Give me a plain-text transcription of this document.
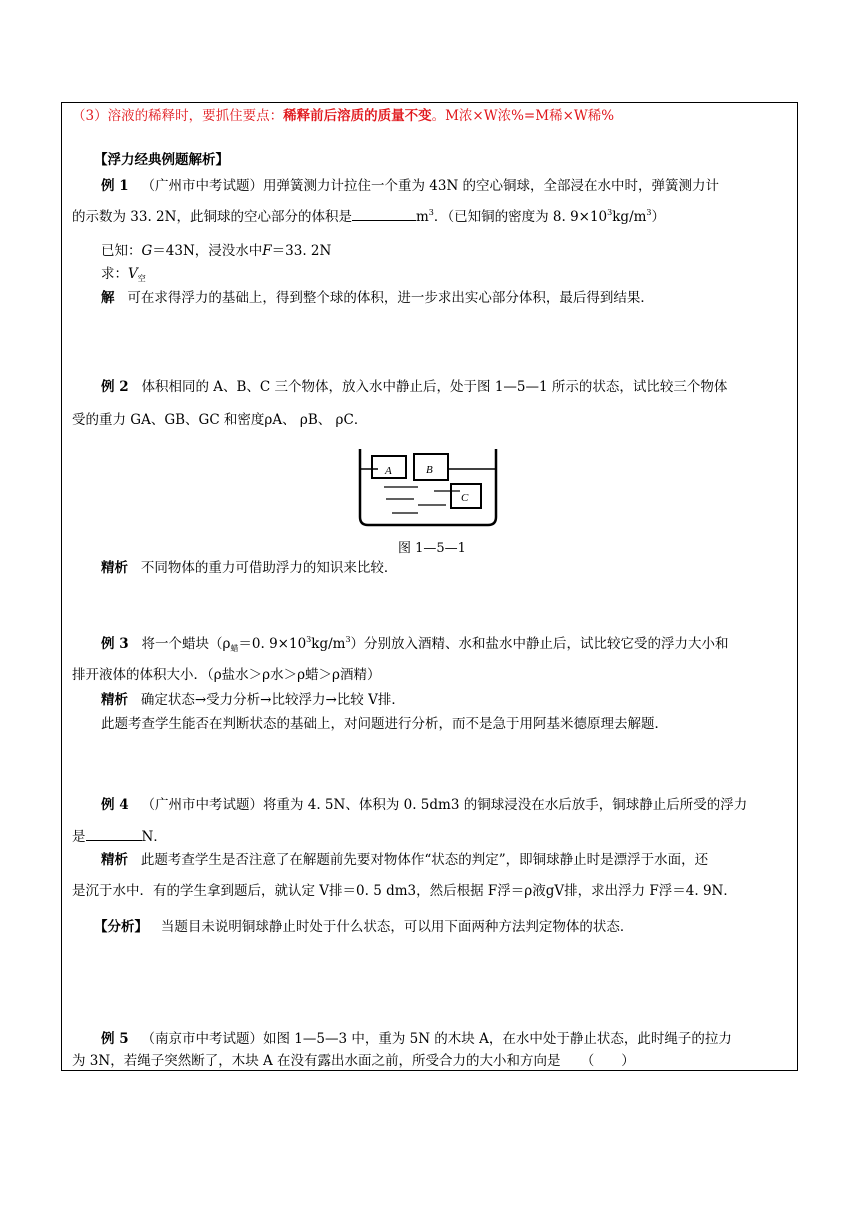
（3）溶液的稀释时，要抓住要点：稀释前后溶质的质量不变。M浓×W浓%=M稀×W稀%
【浮力经典例题解析】
例 1 （广州市中考试题）用弹簧测力计拉住一个重为 43N 的空心铜球，全部浸在水中时，弹簧测力计
的示数为 33. 2N，此铜球的空心部分的体积是	$m^3$．（已知铜的密度为 8. $9\times 10^3kg/m^3$）
已知：G＝43N，浸没水中F＝33. 2N
求：$V_空$
解 可在求得浮力的基础上，得到整个球的体积，进一步求出实心部分体积，最后得到结果．
例 2 体积相同的 A、B、C 三个物体，放入水中静止后，处于图 1—5—1 所示的状态，试比较三个物体
受的重力 GA、GB、GC 和密度ρA、 ρB、 ρC．
A	B
C
图 1—5—1
精析 不同物体的重力可借助浮力的知识来比较．
例 3 将一个蜡块（$\rho_蜡=0$. $9\times 10^3kg/m^3$）分别放入酒精、水和盐水中静止后，试比较它受的浮力大小和
排开液体的体积大小．（ρ盐水＞ρ水＞ρ蜡＞ρ酒精）
精析 确定状态→受力分析→比较浮力→比较 V排．
此题考查学生能否在判断状态的基础上，对问题进行分析，而不是急于用阿基米德原理去解题．
例 4 （广州市中考试题）将重为 4. 5N、体积为 0. 5dm3 的铜球浸没在水后放手，铜球静止后所受的浮力
是	N．
精析 此题考查学生是否注意了在解题前先要对物体作“状态的判定”，即铜球静止时是漂浮于水面，还
是沉于水中．有的学生拿到题后，就认定 V排＝0. 5 dm3，然后根据 F浮＝ρ液gV排，求出浮力 F浮＝4. 9N．
【分析】 当题目未说明铜球静止时处于什么状态，可以用下面两种方法判定物体的状态．
例 5 （南京市中考试题）如图 1—5—3 中，重为 5N 的木块 A，在水中处于静止状态，此时绳子的拉力
为 3N，若绳子突然断了，木块 A 在没有露出水面之前，所受合力的大小和方向是　　（　　）
